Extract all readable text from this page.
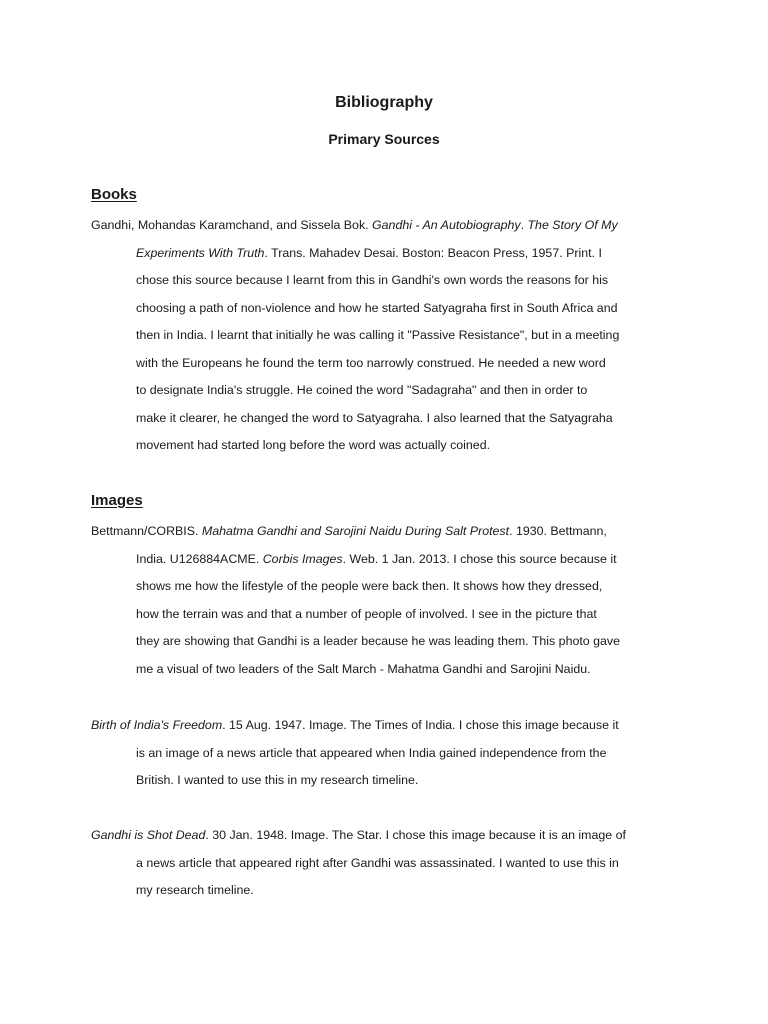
Bibliography
Primary Sources
Books
Gandhi, Mohandas Karamchand, and Sissela Bok. Gandhi - An Autobiography. The Story Of My
Experiments With Truth. Trans. Mahadev Desai. Boston: Beacon Press, 1957. Print. I
chose this source because I learnt from this in Gandhi's own words the reasons for his
choosing a path of non-violence and how he started Satyagraha first in South Africa and
then in India. I learnt that initially he was calling it "Passive Resistance", but in a meeting
with the Europeans he found the term too narrowly construed. He needed a new word
to designate India's struggle. He coined the word "Sadagraha" and then in order to
make it clearer, he changed the word to Satyagraha. I also learned that the Satyagraha
movement had started long before the word was actually coined.
Images
Bettmann/CORBIS. Mahatma Gandhi and Sarojini Naidu During Salt Protest. 1930. Bettmann,
India. U126884ACME. Corbis Images. Web. 1 Jan. 2013. I chose this source because it
shows me how the lifestyle of the people were back then. It shows how they dressed,
how the terrain was and that a number of people of involved. I see in the picture that
they are showing that Gandhi is a leader because he was leading them. This photo gave
me a visual of two leaders of the Salt March - Mahatma Gandhi and Sarojini Naidu.
Birth of India's Freedom. 15 Aug. 1947. Image. The Times of India. I chose this image because it
is an image of a news article that appeared when India gained independence from the
British. I wanted to use this in my research timeline.
Gandhi is Shot Dead. 30 Jan. 1948. Image. The Star. I chose this image because it is an image of
a news article that appeared right after Gandhi was assassinated. I wanted to use this in
my research timeline.
